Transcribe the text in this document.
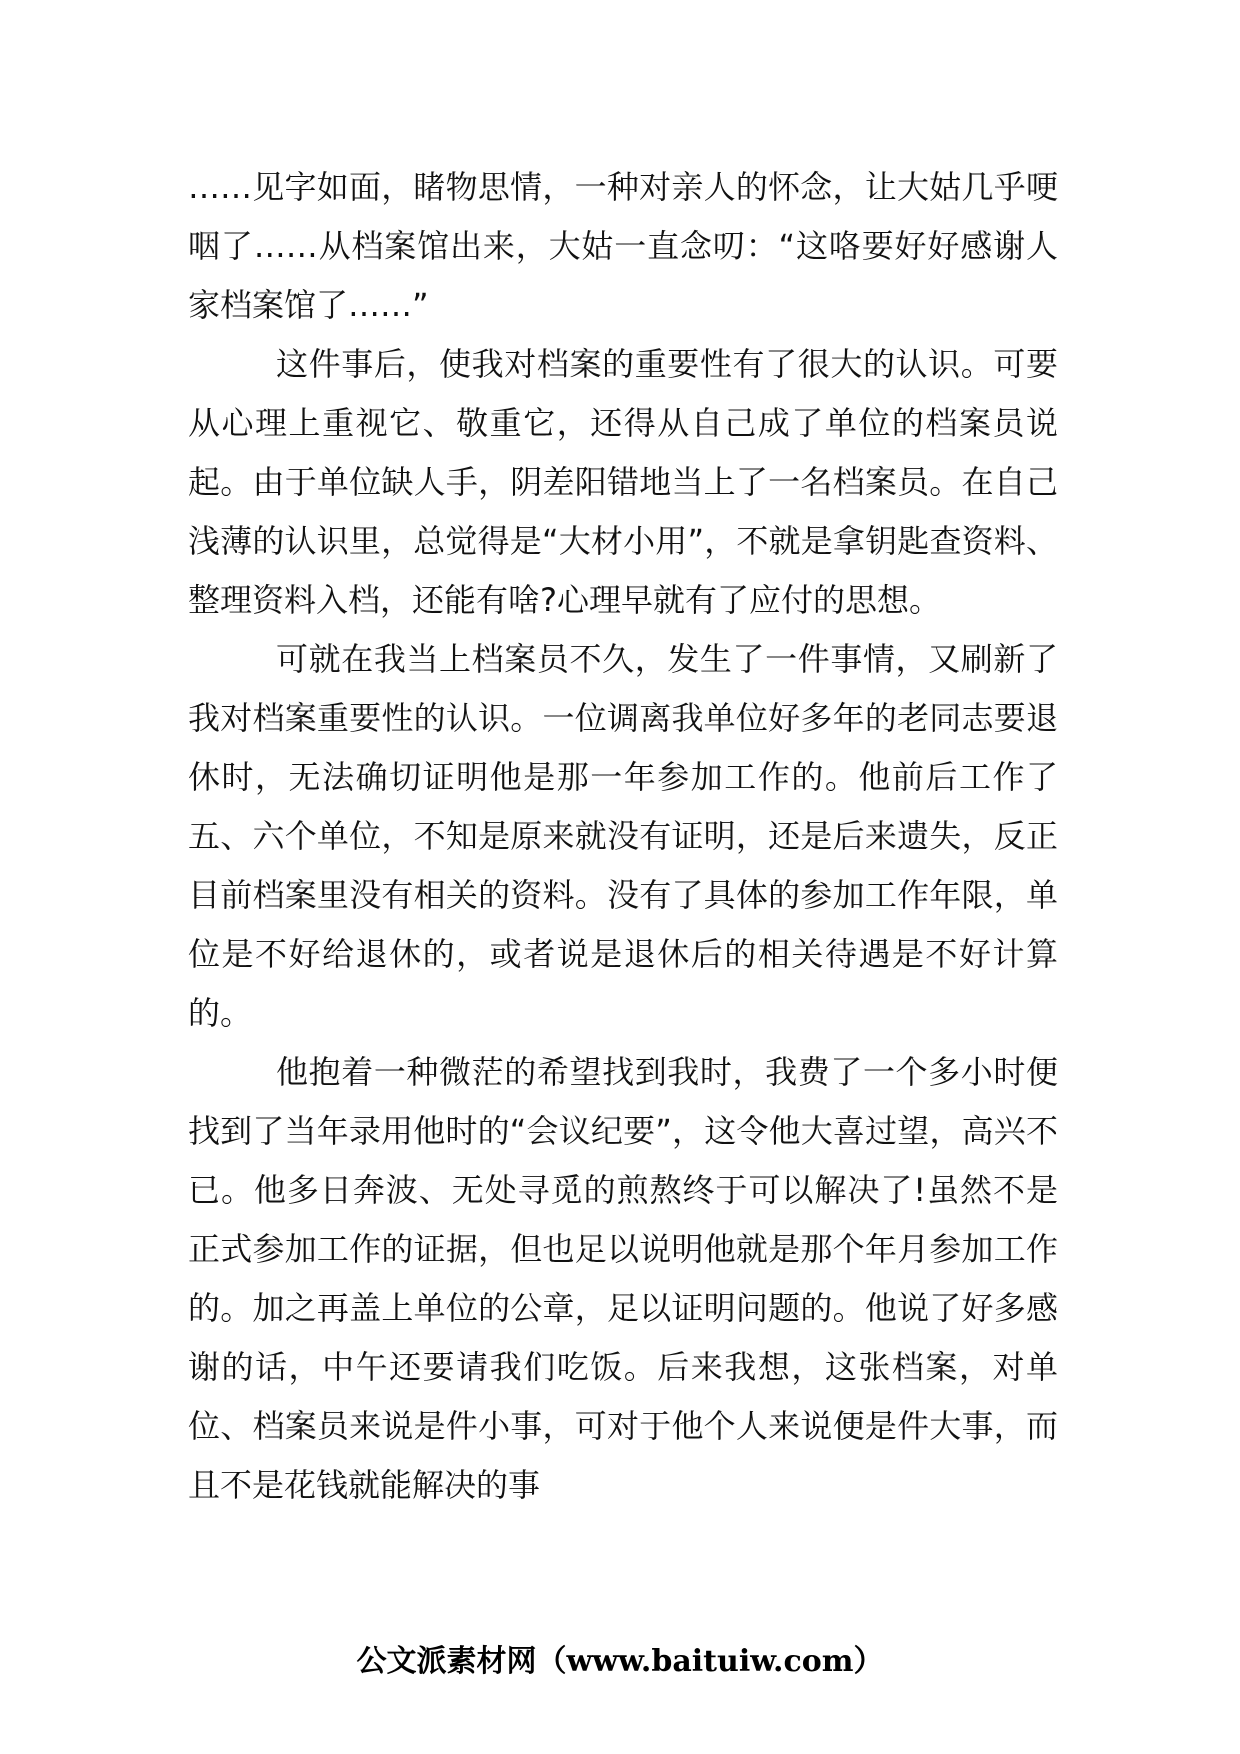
……见字如面，睹物思情，一种对亲人的怀念，让大姑几乎哽咽了……从档案馆出来，大姑一直念叨：“这咯要好好感谢人家档案馆了……”

这件事后，使我对档案的重要性有了很大的认识。可要从心理上重视它、敬重它，还得从自己成了单位的档案员说起。由于单位缺人手，阴差阳错地当上了一名档案员。在自己浅薄的认识里，总觉得是“大材小用”，不就是拿钥匙查资料、整理资料入档，还能有啥?心理早就有了应付的思想。

可就在我当上档案员不久，发生了一件事情，又刷新了我对档案重要性的认识。一位调离我单位好多年的老同志要退休时，无法确切证明他是那一年参加工作的。他前后工作了五、六个单位，不知是原来就没有证明，还是后来遗失，反正目前档案里没有相关的资料。没有了具体的参加工作年限，单位是不好给退休的，或者说是退休后的相关待遇是不好计算的。

他抱着一种微茫的希望找到我时，我费了一个多小时便找到了当年录用他时的“会议纪要”，这令他大喜过望，高兴不已。他多日奔波、无处寻觅的煎熬终于可以解决了!虽然不是正式参加工作的证据，但也足以说明他就是那个年月参加工作的。加之再盖上单位的公章，足以证明问题的。他说了好多感谢的话，中午还要请我们吃饭。后来我想，这张档案，对单位、档案员来说是件小事，可对于他个人来说便是件大事，而且不是花钱就能解决的事

公文派素材网（www.baituiw.com）
